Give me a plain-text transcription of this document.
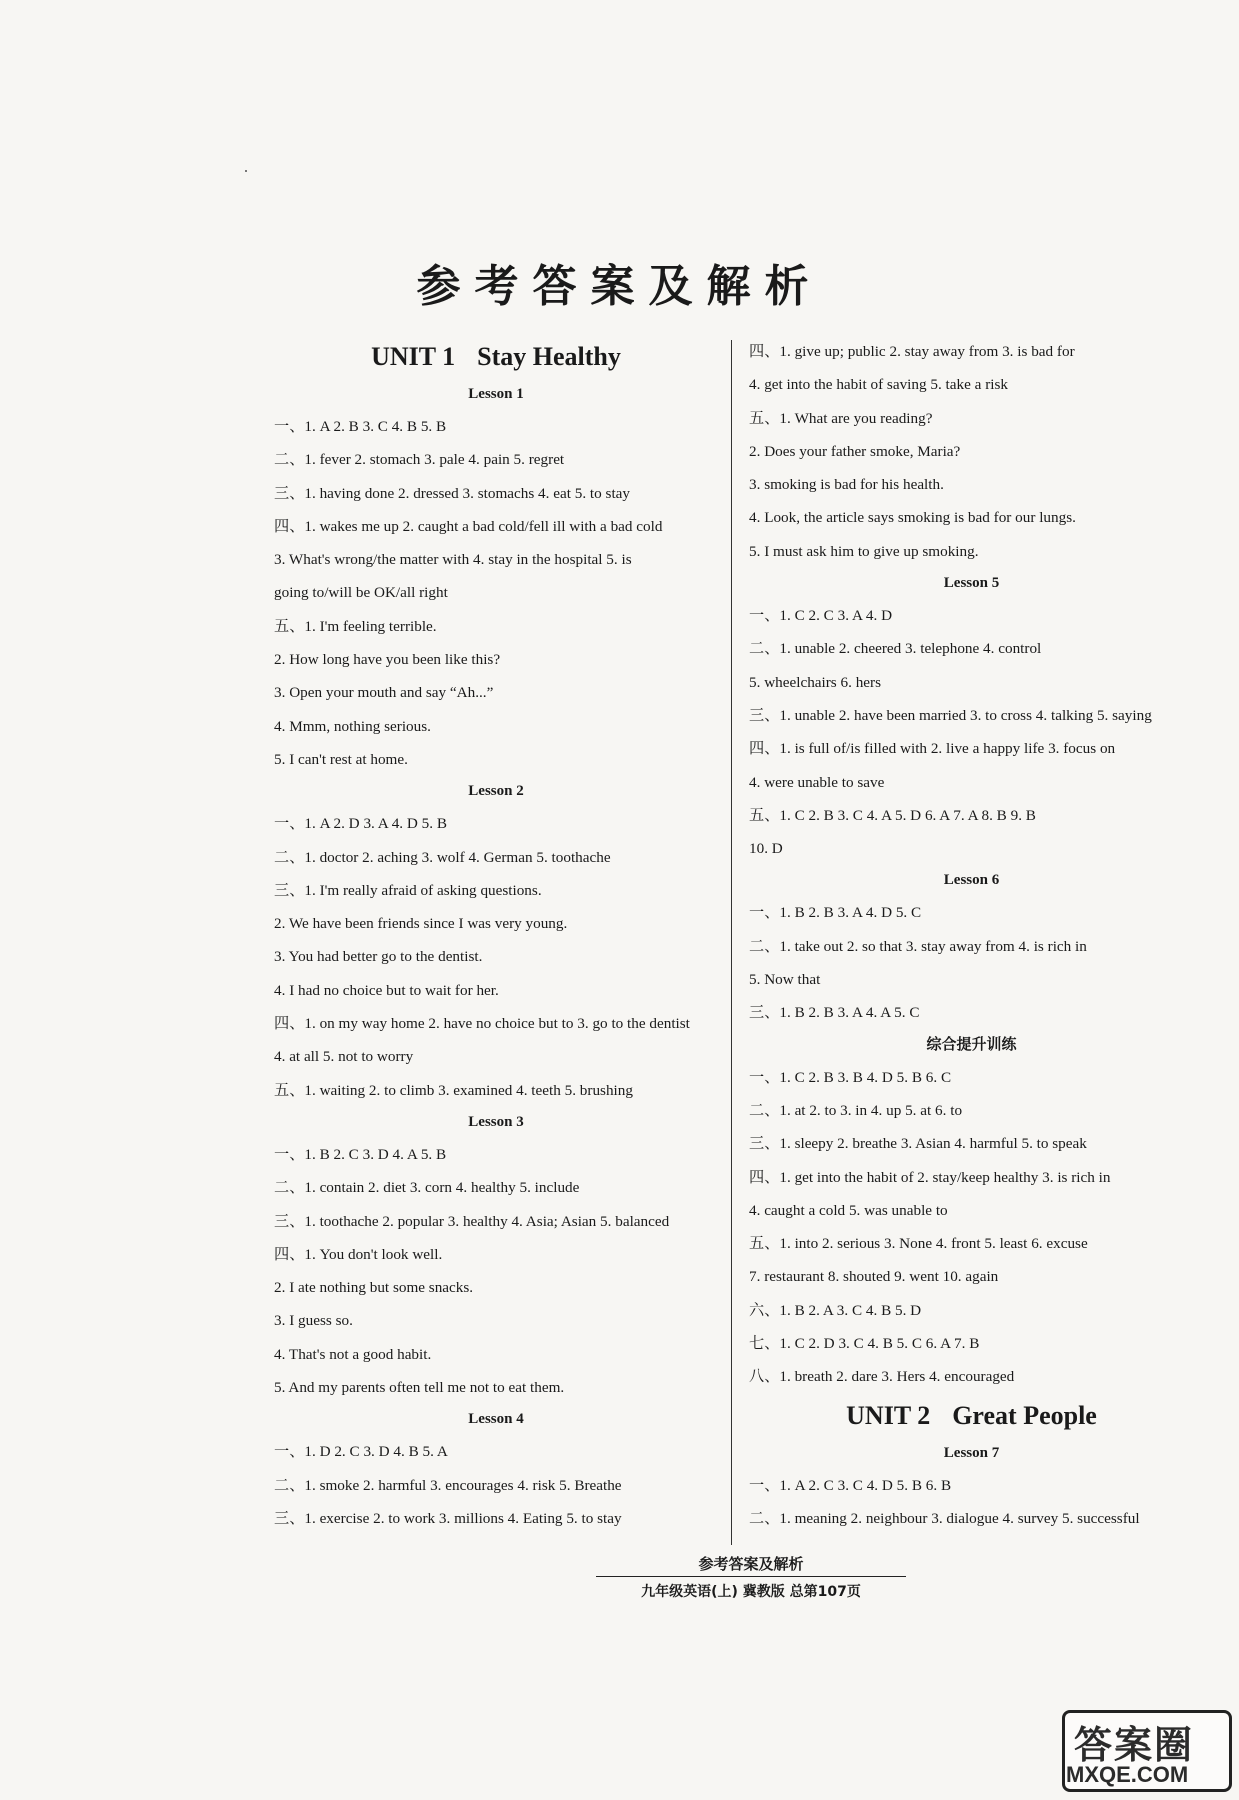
参考答案及解析
UNIT 1 Stay Healthy
Lesson 1
一、1. A 2. B 3. C 4. B 5. B
二、1. fever 2. stomach 3. pale 4. pain 5. regret
三、1. having done 2. dressed 3. stomachs 4. eat 5. to stay
四、1. wakes me up 2. caught a bad cold/fell ill with a bad cold
3. What's wrong/the matter with 4. stay in the hospital 5. is
going to/will be OK/all right
五、1. I'm feeling terrible.
2. How long have you been like this?
3. Open your mouth and say “Ah...”
4. Mmm, nothing serious.
5. I can't rest at home.
Lesson 2
一、1. A 2. D 3. A 4. D 5. B
二、1. doctor 2. aching 3. wolf 4. German 5. toothache
三、1. I'm really afraid of asking questions.
2. We have been friends since I was very young.
3. You had better go to the dentist.
4. I had no choice but to wait for her.
四、1. on my way home 2. have no choice but to 3. go to the dentist
4. at all 5. not to worry
五、1. waiting 2. to climb 3. examined 4. teeth 5. brushing
Lesson 3
一、1. B 2. C 3. D 4. A 5. B
二、1. contain 2. diet 3. corn 4. healthy 5. include
三、1. toothache 2. popular 3. healthy 4. Asia; Asian 5. balanced
四、1. You don't look well.
2. I ate nothing but some snacks.
3. I guess so.
4. That's not a good habit.
5. And my parents often tell me not to eat them.
Lesson 4
一、1. D 2. C 3. D 4. B 5. A
二、1. smoke 2. harmful 3. encourages 4. risk 5. Breathe
三、1. exercise 2. to work 3. millions 4. Eating 5. to stay
四、1. give up; public 2. stay away from 3. is bad for
4. get into the habit of saving 5. take a risk
五、1. What are you reading?
2. Does your father smoke, Maria?
3. smoking is bad for his health.
4. Look, the article says smoking is bad for our lungs.
5. I must ask him to give up smoking.
Lesson 5
一、1. C 2. C 3. A 4. D
二、1. unable 2. cheered 3. telephone 4. control
5. wheelchairs 6. hers
三、1. unable 2. have been married 3. to cross 4. talking 5. saying
四、1. is full of/is filled with 2. live a happy life 3. focus on
4. were unable to save
五、1. C 2. B 3. C 4. A 5. D 6. A 7. A 8. B 9. B
10. D
Lesson 6
一、1. B 2. B 3. A 4. D 5. C
二、1. take out 2. so that 3. stay away from 4. is rich in
5. Now that
三、1. B 2. B 3. A 4. A 5. C
综合提升训练
一、1. C 2. B 3. B 4. D 5. B 6. C
二、1. at 2. to 3. in 4. up 5. at 6. to
三、1. sleepy 2. breathe 3. Asian 4. harmful 5. to speak
四、1. get into the habit of 2. stay/keep healthy 3. is rich in
4. caught a cold 5. was unable to
五、1. into 2. serious 3. None 4. front 5. least 6. excuse
7. restaurant 8. shouted 9. went 10. again
六、1. B 2. A 3. C 4. B 5. D
七、1. C 2. D 3. C 4. B 5. C 6. A 7. B
八、1. breath 2. dare 3. Hers 4. encouraged
UNIT 2 Great People
Lesson 7
一、1. A 2. C 3. C 4. D 5. B 6. B
二、1. meaning 2. neighbour 3. dialogue 4. survey 5. successful
参考答案及解析
九年级英语(上) 冀教版 总第107页
答案圈
MXQE.COM
